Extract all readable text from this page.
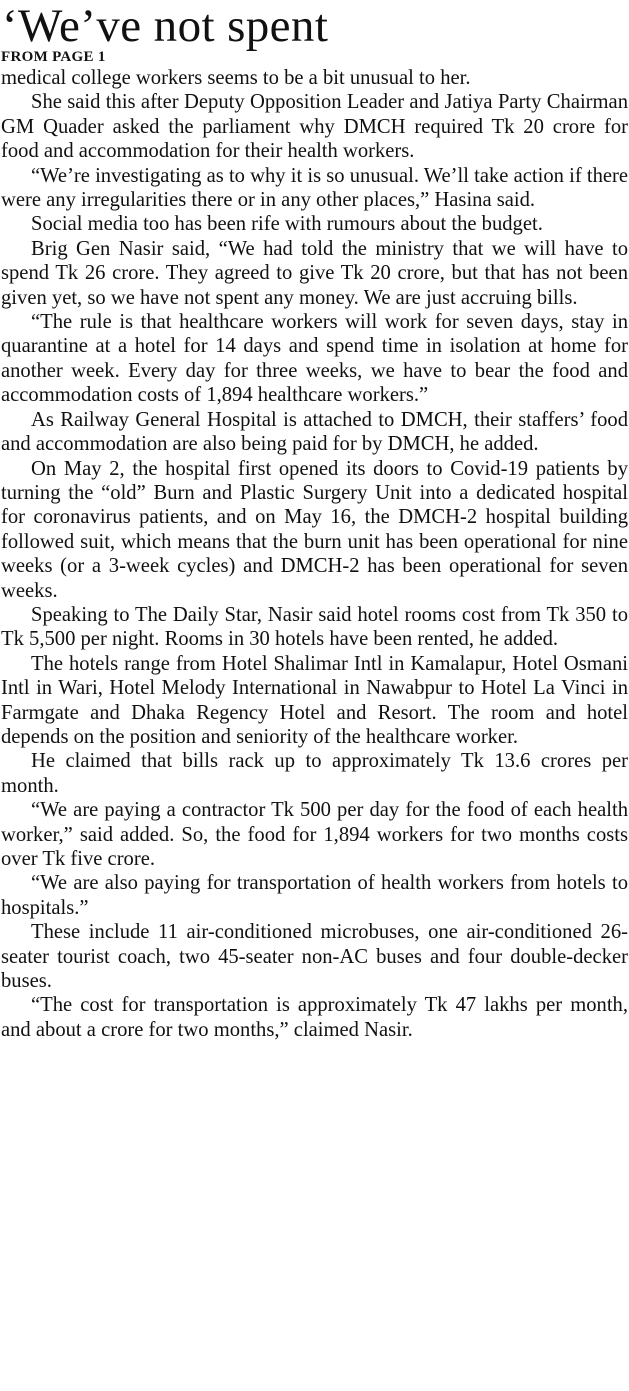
‘We’ve not spent
FROM PAGE 1

medical college workers seems to be a bit unusual to her.

She said this after Deputy Opposition Leader and Jatiya Party Chairman GM Quader asked the parliament why DMCH required Tk 20 crore for food and accommodation for their health workers.

“We’re investigating as to why it is so unusual. We’ll take action if there were any irregularities there or in any other places,” Hasina said.

Social media too has been rife with rumours about the budget.

Brig Gen Nasir said, “We had told the ministry that we will have to spend Tk 26 crore. They agreed to give Tk 20 crore, but that has not been given yet, so we have not spent any money. We are just accruing bills.

“The rule is that healthcare workers will work for seven days, stay in quarantine at a hotel for 14 days and spend time in isolation at home for another week. Every day for three weeks, we have to bear the food and accommodation costs of 1,894 healthcare workers.”

As Railway General Hospital is attached to DMCH, their staffers’ food and accommodation are also being paid for by DMCH, he added.

On May 2, the hospital first opened its doors to Covid-19 patients by turning the “old” Burn and Plastic Surgery Unit into a dedicated hospital for coronavirus patients, and on May 16, the DMCH-2 hospital building followed suit, which means that the burn unit has been operational for nine weeks (or a 3-week cycles) and DMCH-2 has been operational for seven weeks.

Speaking to The Daily Star, Nasir said hotel rooms cost from Tk 350 to Tk 5,500 per night. Rooms in 30 hotels have been rented, he added.

The hotels range from Hotel Shalimar Intl in Kamalapur, Hotel Osmani Intl in Wari, Hotel Melody International in Nawabpur to Hotel La Vinci in Farmgate and Dhaka Regency Hotel and Resort. The room and hotel depends on the position and seniority of the healthcare worker.

He claimed that bills rack up to approximately Tk 13.6 crores per month.

“We are paying a contractor Tk 500 per day for the food of each health worker,” said added. So, the food for 1,894 workers for two months costs over Tk five crore.

“We are also paying for transportation of health workers from hotels to hospitals.”

These include 11 air-conditioned microbuses, one air-conditioned 26-seater tourist coach, two 45-seater non-AC buses and four double-decker buses.

“The cost for transportation is approximately Tk 47 lakhs per month, and about a crore for two months,” claimed Nasir.
